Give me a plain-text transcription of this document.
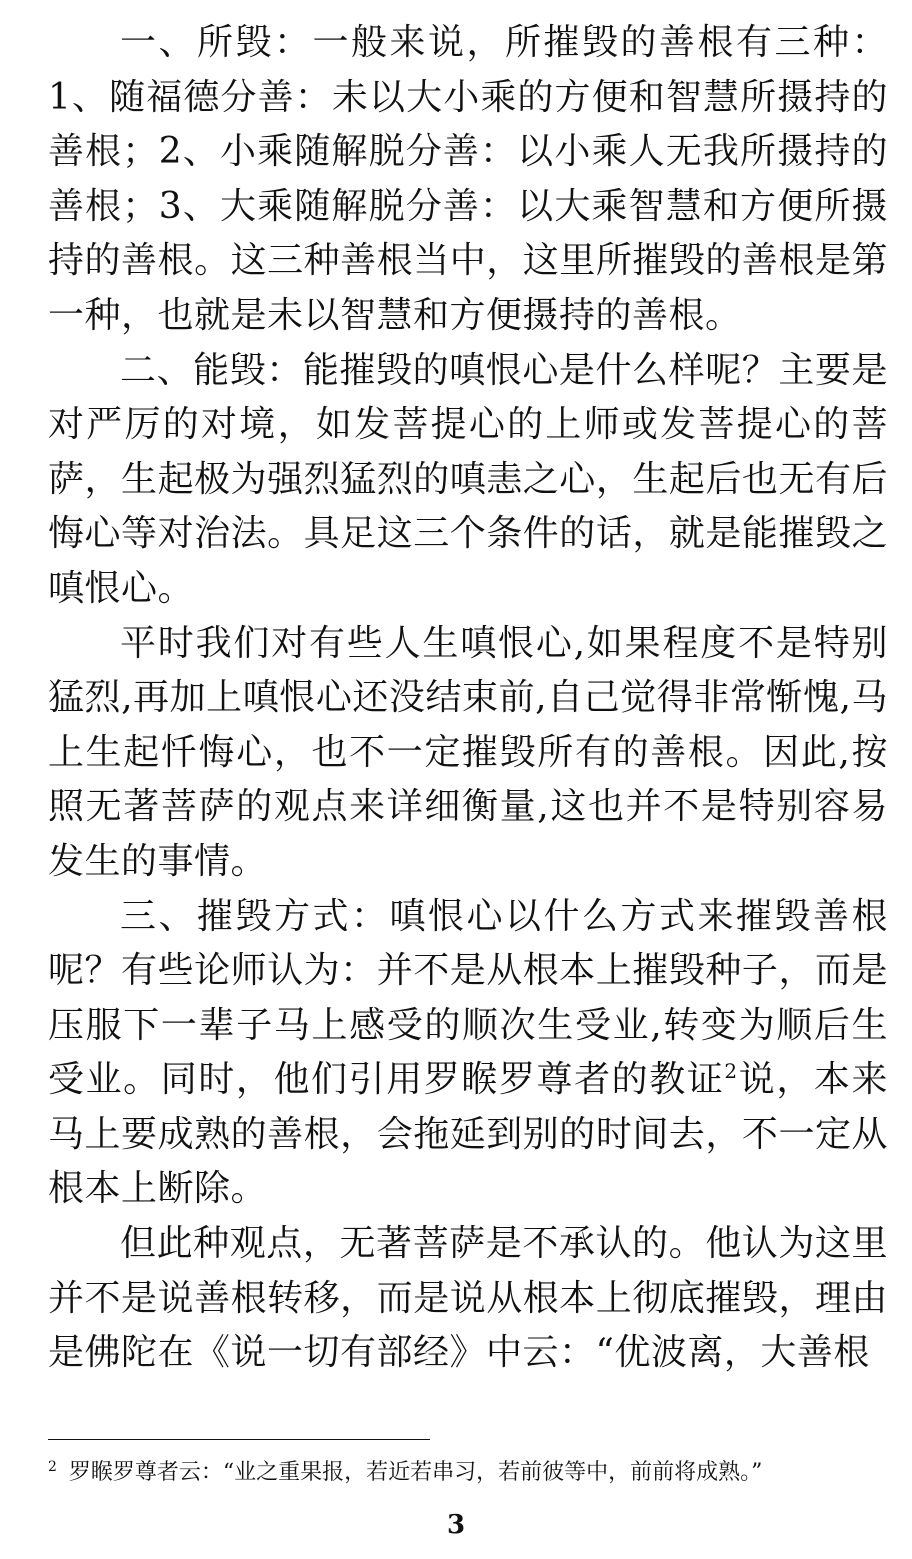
一、所毁：一般来说，所摧毁的善根有三种：1、随福德分善：未以大小乘的方便和智慧所摄持的善根；2、小乘随解脱分善：以小乘人无我所摄持的善根；3、大乘随解脱分善：以大乘智慧和方便所摄持的善根。这三种善根当中，这里所摧毁的善根是第一种，也就是未以智慧和方便摄持的善根。

二、能毁：能摧毁的嗔恨心是什么样呢？主要是对严厉的对境，如发菩提心的上师或发菩提心的菩萨，生起极为强烈猛烈的嗔恚之心，生起后也无有后悔心等对治法。具足这三个条件的话，就是能摧毁之嗔恨心。

平时我们对有些人生嗔恨心,如果程度不是特别猛烈,再加上嗔恨心还没结束前,自己觉得非常惭愧,马上生起忏悔心，也不一定摧毁所有的善根。因此,按照无著菩萨的观点来详细衡量,这也并不是特别容易发生的事情。

三、摧毁方式：嗔恨心以什么方式来摧毁善根呢？有些论师认为：并不是从根本上摧毁种子，而是压服下一辈子马上感受的顺次生受业,转变为顺后生受业。同时，他们引用罗睺罗尊者的教证$^2$说，本来马上要成熟的善根，会拖延到别的时间去，不一定从根本上断除。

但此种观点，无著菩萨是不承认的。他认为这里并不是说善根转移，而是说从根本上彻底摧毁，理由是佛陀在《说一切有部经》中云：“优波离，大善根

$^2$ 罗睺罗尊者云：“业之重果报，若近若串习，若前彼等中，前前将成熟。”
3
